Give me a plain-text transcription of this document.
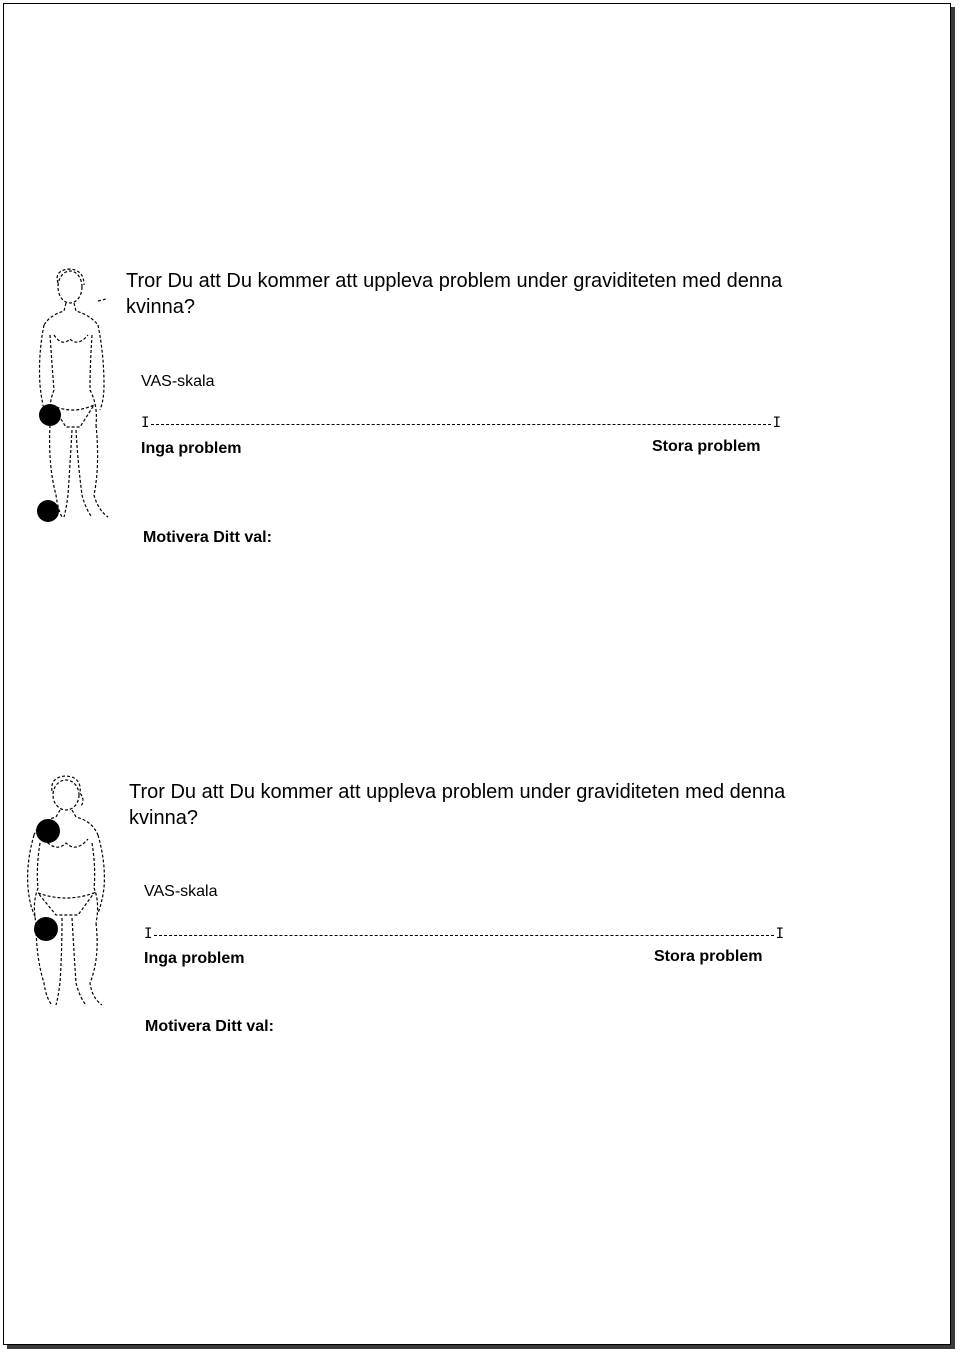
Tror Du att Du kommer att uppleva problem under graviditeten med denna kvinna?

VAS-skala
I	I
Inga problem	Stora problem
Motivera Ditt val:

Tror Du att Du kommer att uppleva problem under graviditeten med denna kvinna?

VAS-skala
I	I
Inga problem	Stora problem
Motivera Ditt val:
